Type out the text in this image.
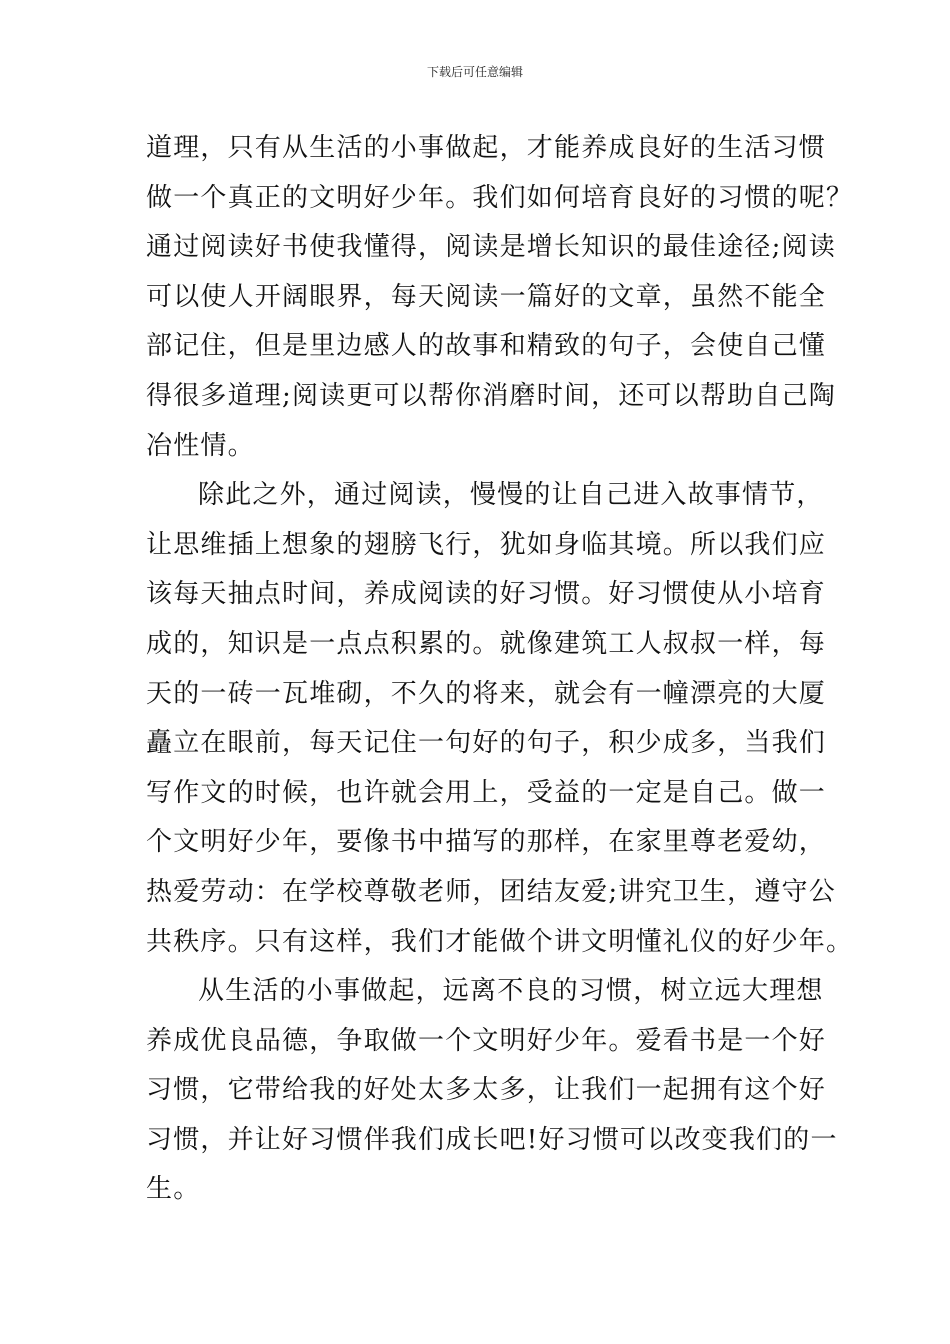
下载后可任意编辑
道理，只有从生活的小事做起，才能养成良好的生活习惯
做一个真正的文明好少年。我们如何培育良好的习惯的呢？
通过阅读好书使我懂得，阅读是增长知识的最佳途径;阅读
可以使人开阔眼界，每天阅读一篇好的文章，虽然不能全
部记住，但是里边感人的故事和精致的句子，会使自己懂
得很多道理;阅读更可以帮你消磨时间，还可以帮助自己陶
冶性情。
除此之外，通过阅读，慢慢的让自己进入故事情节，
让思维插上想象的翅膀飞行，犹如身临其境。所以我们应
该每天抽点时间，养成阅读的好习惯。好习惯使从小培育
成的，知识是一点点积累的。就像建筑工人叔叔一样，每
天的一砖一瓦堆砌，不久的将来，就会有一幢漂亮的大厦
矗立在眼前，每天记住一句好的句子，积少成多，当我们
写作文的时候，也许就会用上，受益的一定是自己。做一
个文明好少年，要像书中描写的那样，在家里尊老爱幼，
热爱劳动：在学校尊敬老师，团结友爱;讲究卫生，遵守公
共秩序。只有这样，我们才能做个讲文明懂礼仪的好少年。
从生活的小事做起，远离不良的习惯，树立远大理想
养成优良品德，争取做一个文明好少年。爱看书是一个好
习惯，它带给我的好处太多太多，让我们一起拥有这个好
习惯，并让好习惯伴我们成长吧!好习惯可以改变我们的一
生。
